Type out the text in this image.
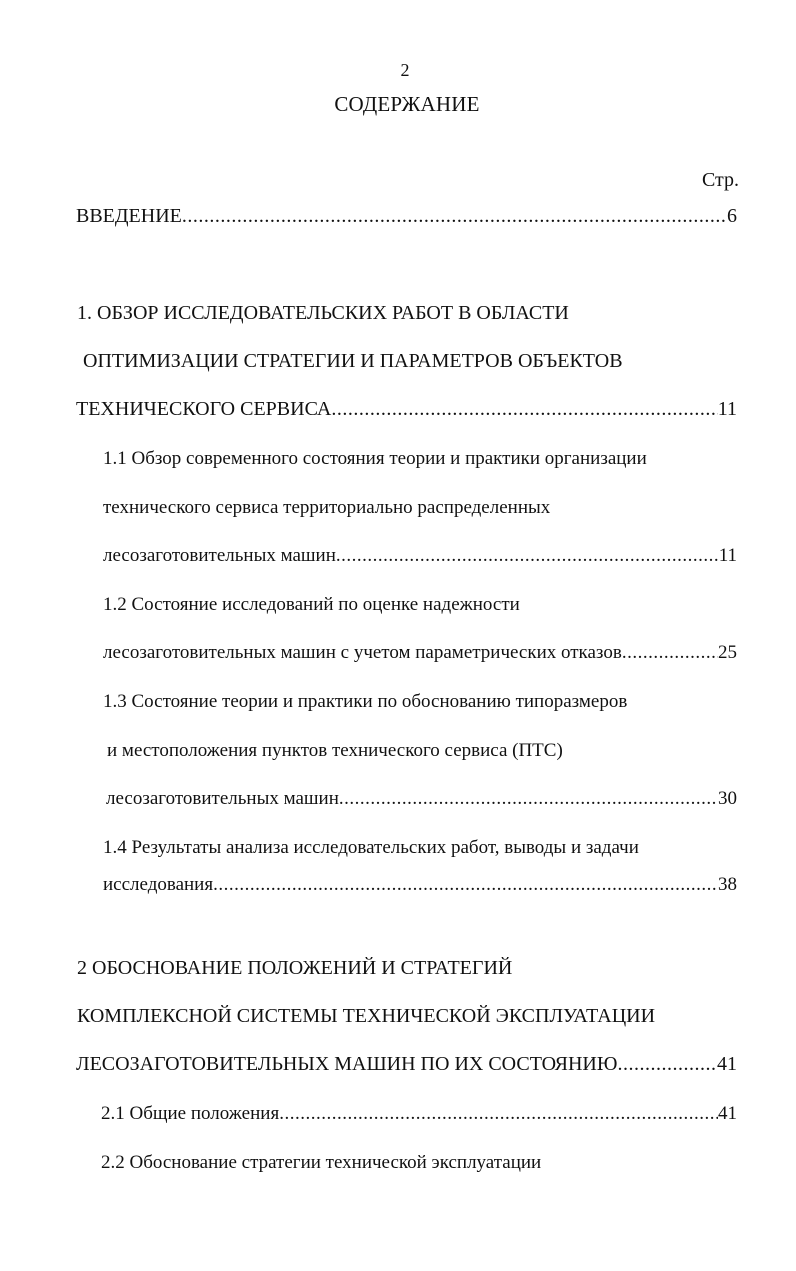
2
СОДЕРЖАНИЕ
Стр.
ВВЕДЕНИЕ .....	6
1. ОБЗОР ИССЛЕДОВАТЕЛЬСКИХ РАБОТ В ОБЛАСТИ
ОПТИМИЗАЦИИ СТРАТЕГИИ И ПАРАМЕТРОВ ОБЪЕКТОВ
ТЕХНИЧЕСКОГО СЕРВИСА .....	11
1.1 Обзор современного состояния теории и практики организации
технического сервиса территориально распределенных
лесозаготовительных машин .....	11
1.2 Состояние исследований по оценке надежности
лесозаготовительных машин с учетом параметрических отказов .....	25
1.3 Состояние теории и практики по обоснованию типоразмеров
и местоположения пунктов технического сервиса (ПТС)
лесозаготовительных машин .....	30
1.4 Результаты анализа исследовательских работ, выводы и задачи
исследования .....	38
2 ОБОСНОВАНИЕ ПОЛОЖЕНИЙ И СТРАТЕГИЙ
КОМПЛЕКСНОЙ СИСТЕМЫ ТЕХНИЧЕСКОЙ ЭКСПЛУАТАЦИИ
ЛЕСОЗАГОТОВИТЕЛЬНЫХ МАШИН ПО ИХ СОСТОЯНИЮ .....	41
2.1 Общие положения .....	41
2.2 Обоснование стратегии технической эксплуатации
